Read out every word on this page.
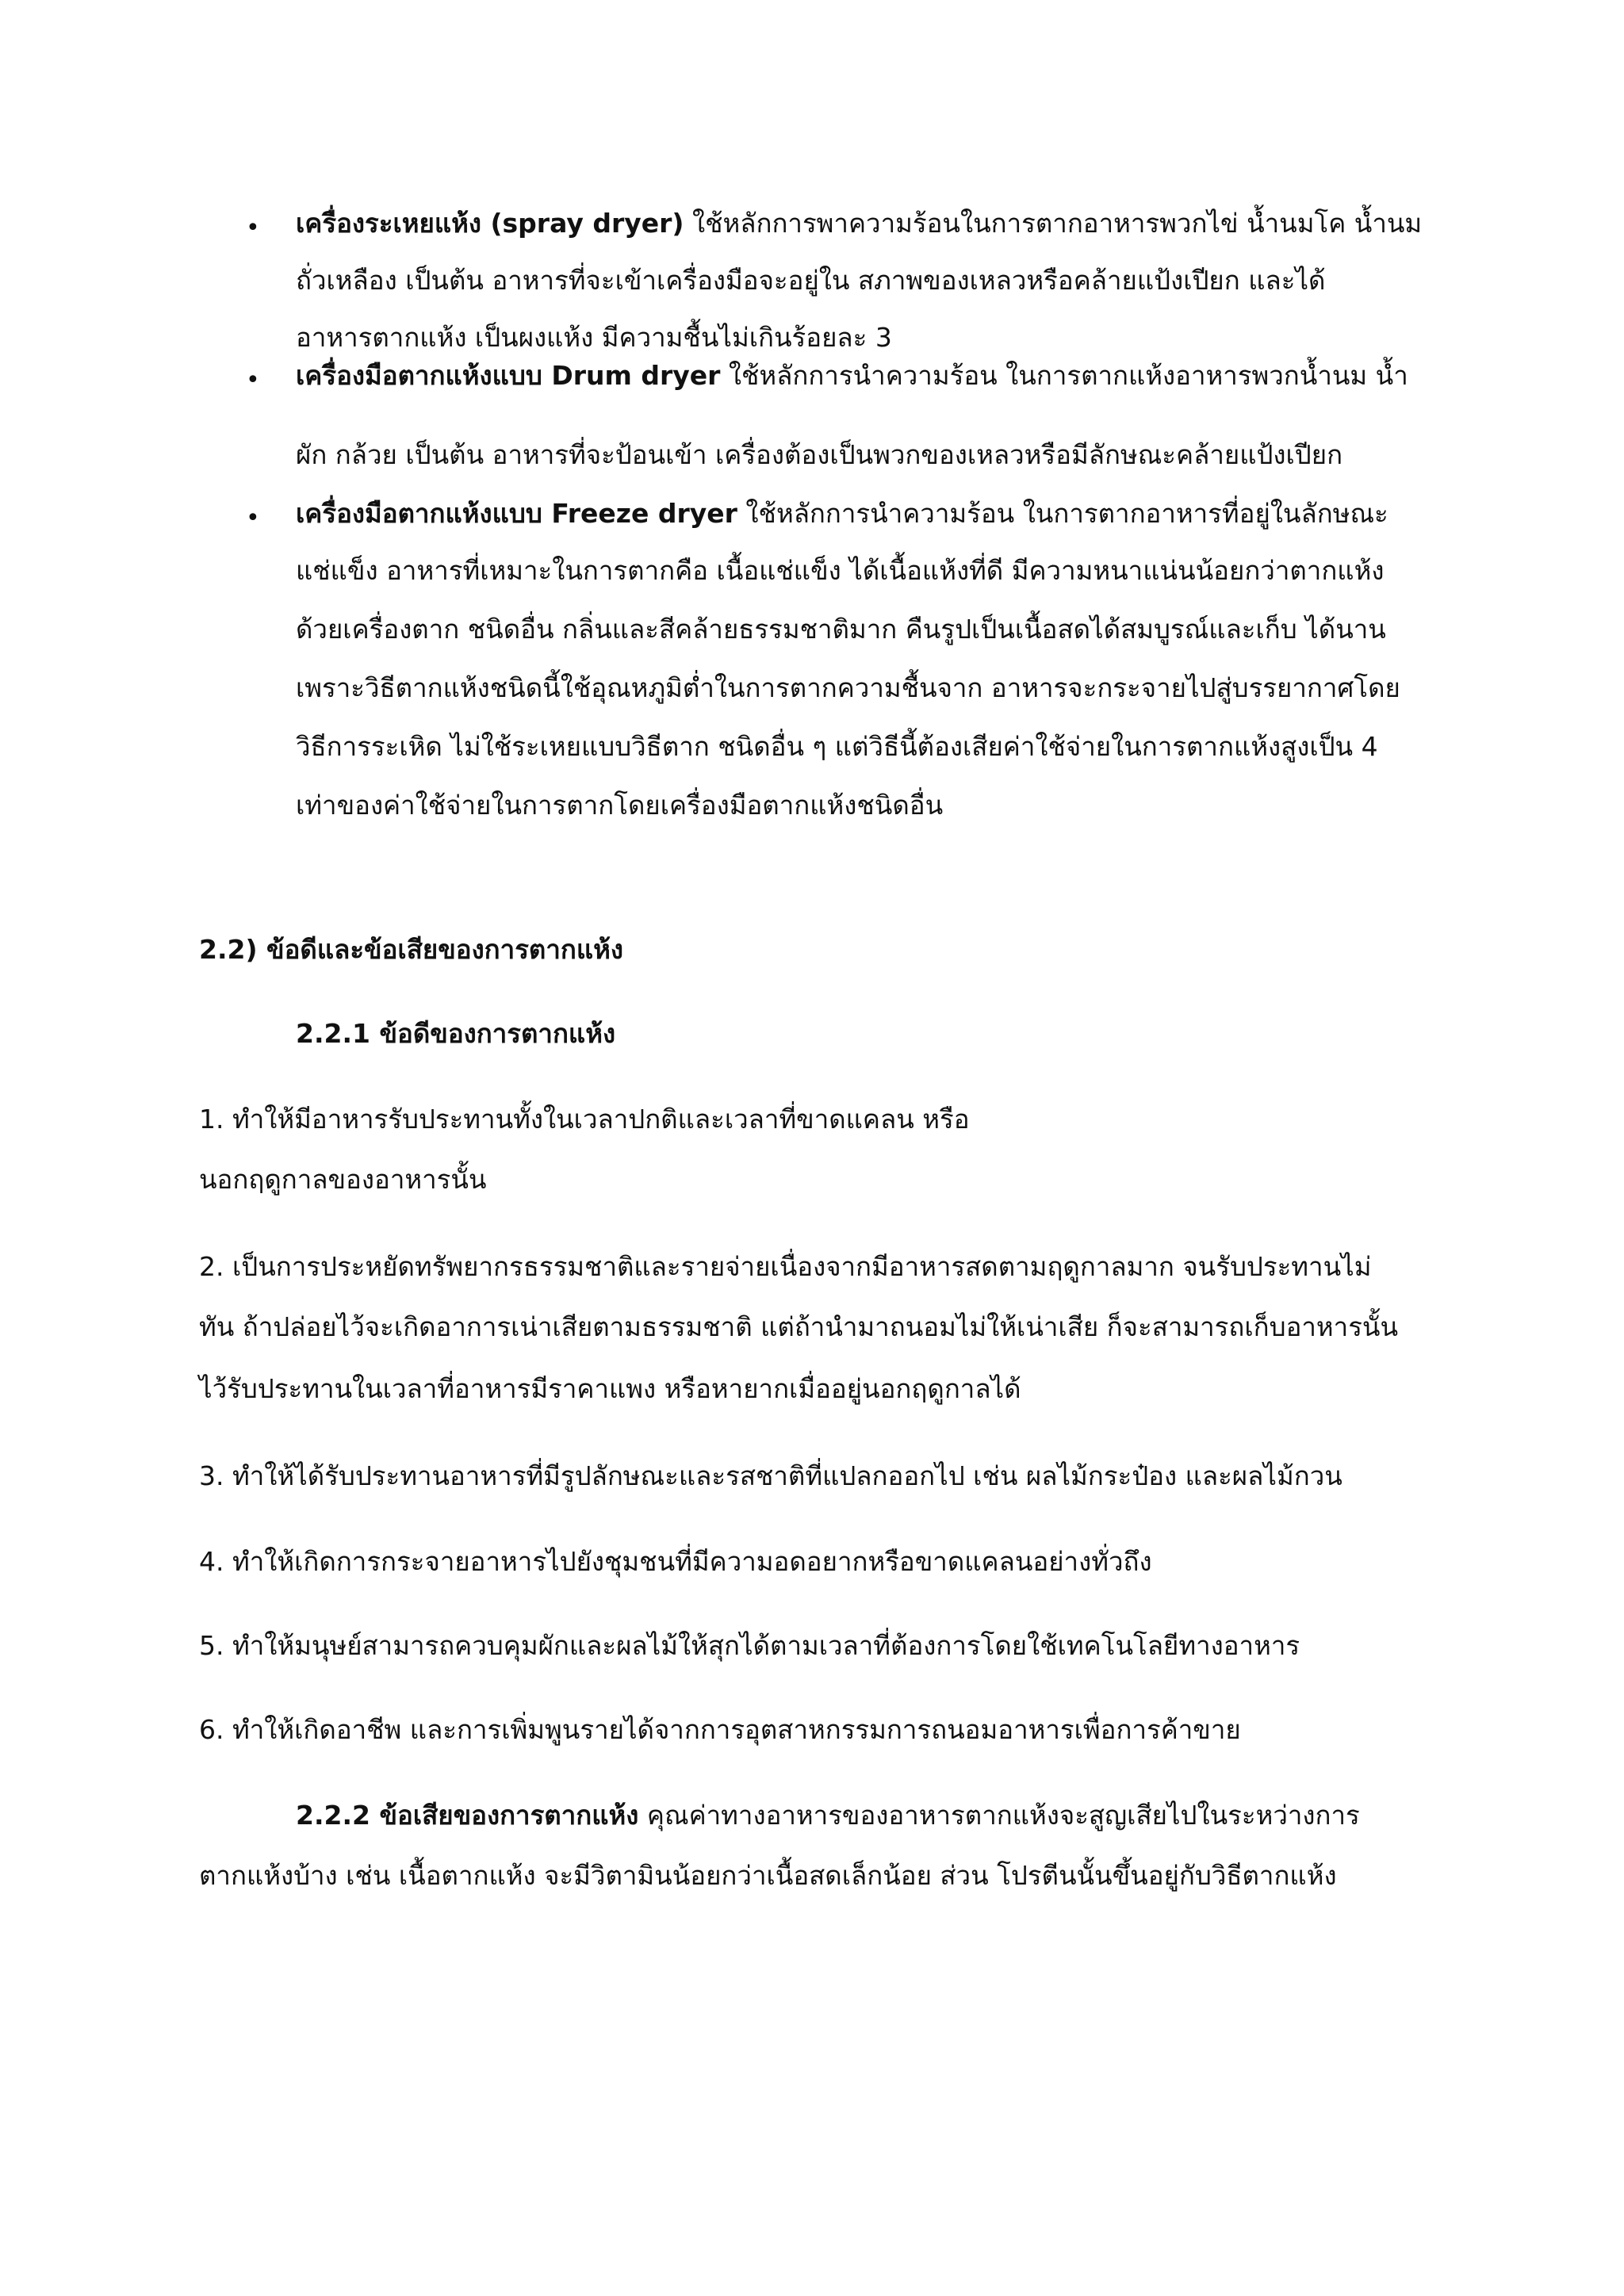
• เครื่องระเหยแห้ง (spray dryer) ใช้หลักการพาความร้อนในการตากอาหารพวกไข่ น้ำนมโค น้ำนม
ถั่วเหลือง เป็นต้น อาหารที่จะเข้าเครื่องมือจะอยู่ใน สภาพของเหลวหรือคล้ายแป้งเปียก และได้
อาหารตากแห้ง เป็นผงแห้ง มีความชื้นไม่เกินร้อยละ 3
• เครื่องมือตากแห้งแบบ Drum dryer ใช้หลักการนำความร้อน ในการตากแห้งอาหารพวกน้ำนม น้ำ
ผัก กล้วย เป็นต้น อาหารที่จะป้อนเข้า เครื่องต้องเป็นพวกของเหลวหรือมีลักษณะคล้ายแป้งเปียก
• เครื่องมือตากแห้งแบบ Freeze dryer ใช้หลักการนำความร้อน ในการตากอาหารที่อยู่ในลักษณะ
แช่แข็ง อาหารที่เหมาะในการตากคือ เนื้อแช่แข็ง ได้เนื้อแห้งที่ดี มีความหนาแน่นน้อยกว่าตากแห้ง
ด้วยเครื่องตาก ชนิดอื่น กลิ่นและสีคล้ายธรรมชาติมาก คืนรูปเป็นเนื้อสดได้สมบูรณ์และเก็บ ได้นาน
เพราะวิธีตากแห้งชนิดนี้ใช้อุณหภูมิต่ำในการตากความชื้นจาก อาหารจะกระจายไปสู่บรรยากาศโดย
วิธีการระเหิด ไม่ใช้ระเหยแบบวิธีตาก ชนิดอื่น ๆ แต่วิธีนี้ต้องเสียค่าใช้จ่ายในการตากแห้งสูงเป็น 4
เท่าของค่าใช้จ่ายในการตากโดยเครื่องมือตากแห้งชนิดอื่น
2.2) ข้อดีและข้อเสียของการตากแห้ง
2.2.1 ข้อดีของการตากแห้ง
1. ทำให้มีอาหารรับประทานทั้งในเวลาปกติและเวลาที่ขาดแคลน หรือ
นอกฤดูกาลของอาหารนั้น
2. เป็นการประหยัดทรัพยากรธรรมชาติและรายจ่ายเนื่องจากมีอาหารสดตามฤดูกาลมาก จนรับประทานไม่
ทัน ถ้าปล่อยไว้จะเกิดอาการเน่าเสียตามธรรมชาติ แต่ถ้านำมาถนอมไม่ให้เน่าเสีย ก็จะสามารถเก็บอาหารนั้น
ไว้รับประทานในเวลาที่อาหารมีราคาแพง หรือหายากเมื่ออยู่นอกฤดูกาลได้
3. ทำให้ได้รับประทานอาหารที่มีรูปลักษณะและรสชาติที่แปลกออกไป เช่น ผลไม้กระป๋อง และผลไม้กวน
4. ทำให้เกิดการกระจายอาหารไปยังชุมชนที่มีความอดอยากหรือขาดแคลนอย่างทั่วถึง
5. ทำให้มนุษย์สามารถควบคุมผักและผลไม้ให้สุกได้ตามเวลาที่ต้องการโดยใช้เทคโนโลยีทางอาหาร
6. ทำให้เกิดอาชีพ และการเพิ่มพูนรายได้จากการอุตสาหกรรมการถนอมอาหารเพื่อการค้าขาย
2.2.2 ข้อเสียของการตากแห้ง คุณค่าทางอาหารของอาหารตากแห้งจะสูญเสียไปในระหว่างการ
ตากแห้งบ้าง เช่น เนื้อตากแห้ง จะมีวิตามินน้อยกว่าเนื้อสดเล็กน้อย ส่วน โปรตีนนั้นขึ้นอยู่กับวิธีตากแห้ง
